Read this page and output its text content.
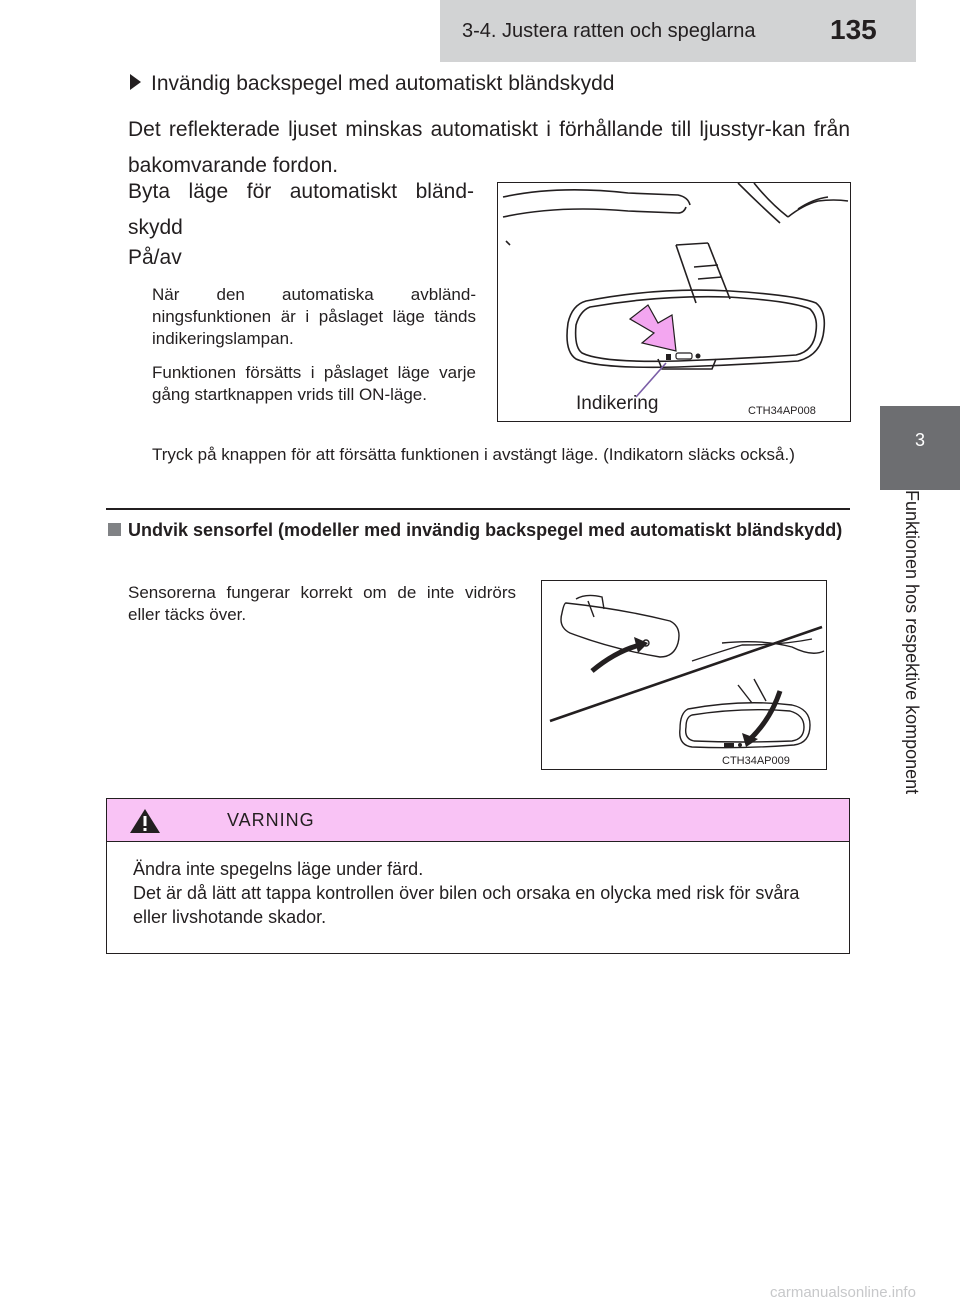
3-4. Justera ratten och speglarna	135
3
Funktionen hos respektive komponent
Invändig backspegel med automatiskt bländskydd
Det reflekterade ljuset minskas automatiskt i förhållande till ljusstyr-kan från bakomvarande fordon.
Byta läge för automatiskt bländ-skydd
På/av
När den automatiska avbländ-ningsfunktionen är i påslaget läge tänds indikeringslampan.
Funktionen försätts i påslaget läge varje gång startknappen vrids till ON-läge.
Tryck på knappen för att försätta funktionen i avstängt läge. (Indikatorn släcks också.)
Indikering	CTH34AP008
Undvik sensorfel (modeller med invändig backspegel med automatiskt bländskydd)
Sensorerna fungerar korrekt om de inte vidrörs eller täcks över.
CTH34AP009
VARNING
Ändra inte spegelns läge under färd.
Det är då lätt att tappa kontrollen över bilen och orsaka en olycka med risk för svåra eller livshotande skador.
carmanualsonline.info
